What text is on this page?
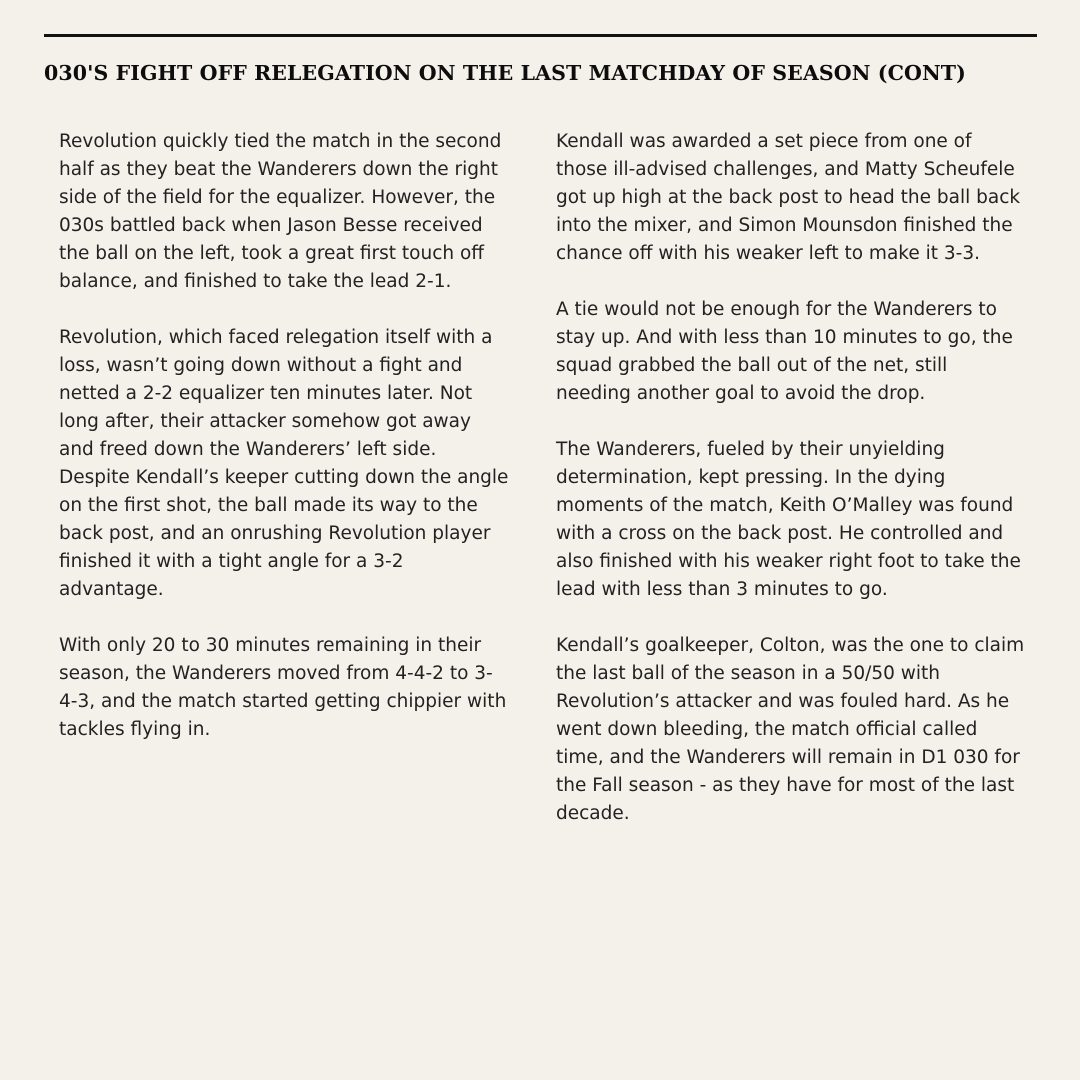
030'S FIGHT OFF RELEGATION ON THE LAST MATCHDAY OF SEASON (CONT)

Revolution quickly tied the match in the second half as they beat the Wanderers down the right side of the field for the equalizer. However, the 030s battled back when Jason Besse received the ball on the left, took a great first touch off balance, and finished to take the lead 2-1.

Revolution, which faced relegation itself with a loss, wasn’t going down without a fight and netted a 2-2 equalizer ten minutes later. Not long after, their attacker somehow got away and freed down the Wanderers’ left side. Despite Kendall’s keeper cutting down the angle on the first shot, the ball made its way to the back post, and an onrushing Revolution player finished it with a tight angle for a 3-2 advantage.

With only 20 to 30 minutes remaining in their season, the Wanderers moved from 4-4-2 to 3-4-3, and the match started getting chippier with tackles flying in.

Kendall was awarded a set piece from one of those ill-advised challenges, and Matty Scheufele got up high at the back post to head the ball back into the mixer, and Simon Mounsdon finished the chance off with his weaker left to make it 3-3.

A tie would not be enough for the Wanderers to stay up. And with less than 10 minutes to go, the squad grabbed the ball out of the net, still needing another goal to avoid the drop.

The Wanderers, fueled by their unyielding determination, kept pressing. In the dying moments of the match, Keith O’Malley was found with a cross on the back post. He controlled and also finished with his weaker right foot to take the lead with less than 3 minutes to go.

Kendall’s goalkeeper, Colton, was the one to claim the last ball of the season in a 50/50 with Revolution’s attacker and was fouled hard. As he went down bleeding, the match official called time, and the Wanderers will remain in D1 030 for the Fall season - as they have for most of the last decade.
